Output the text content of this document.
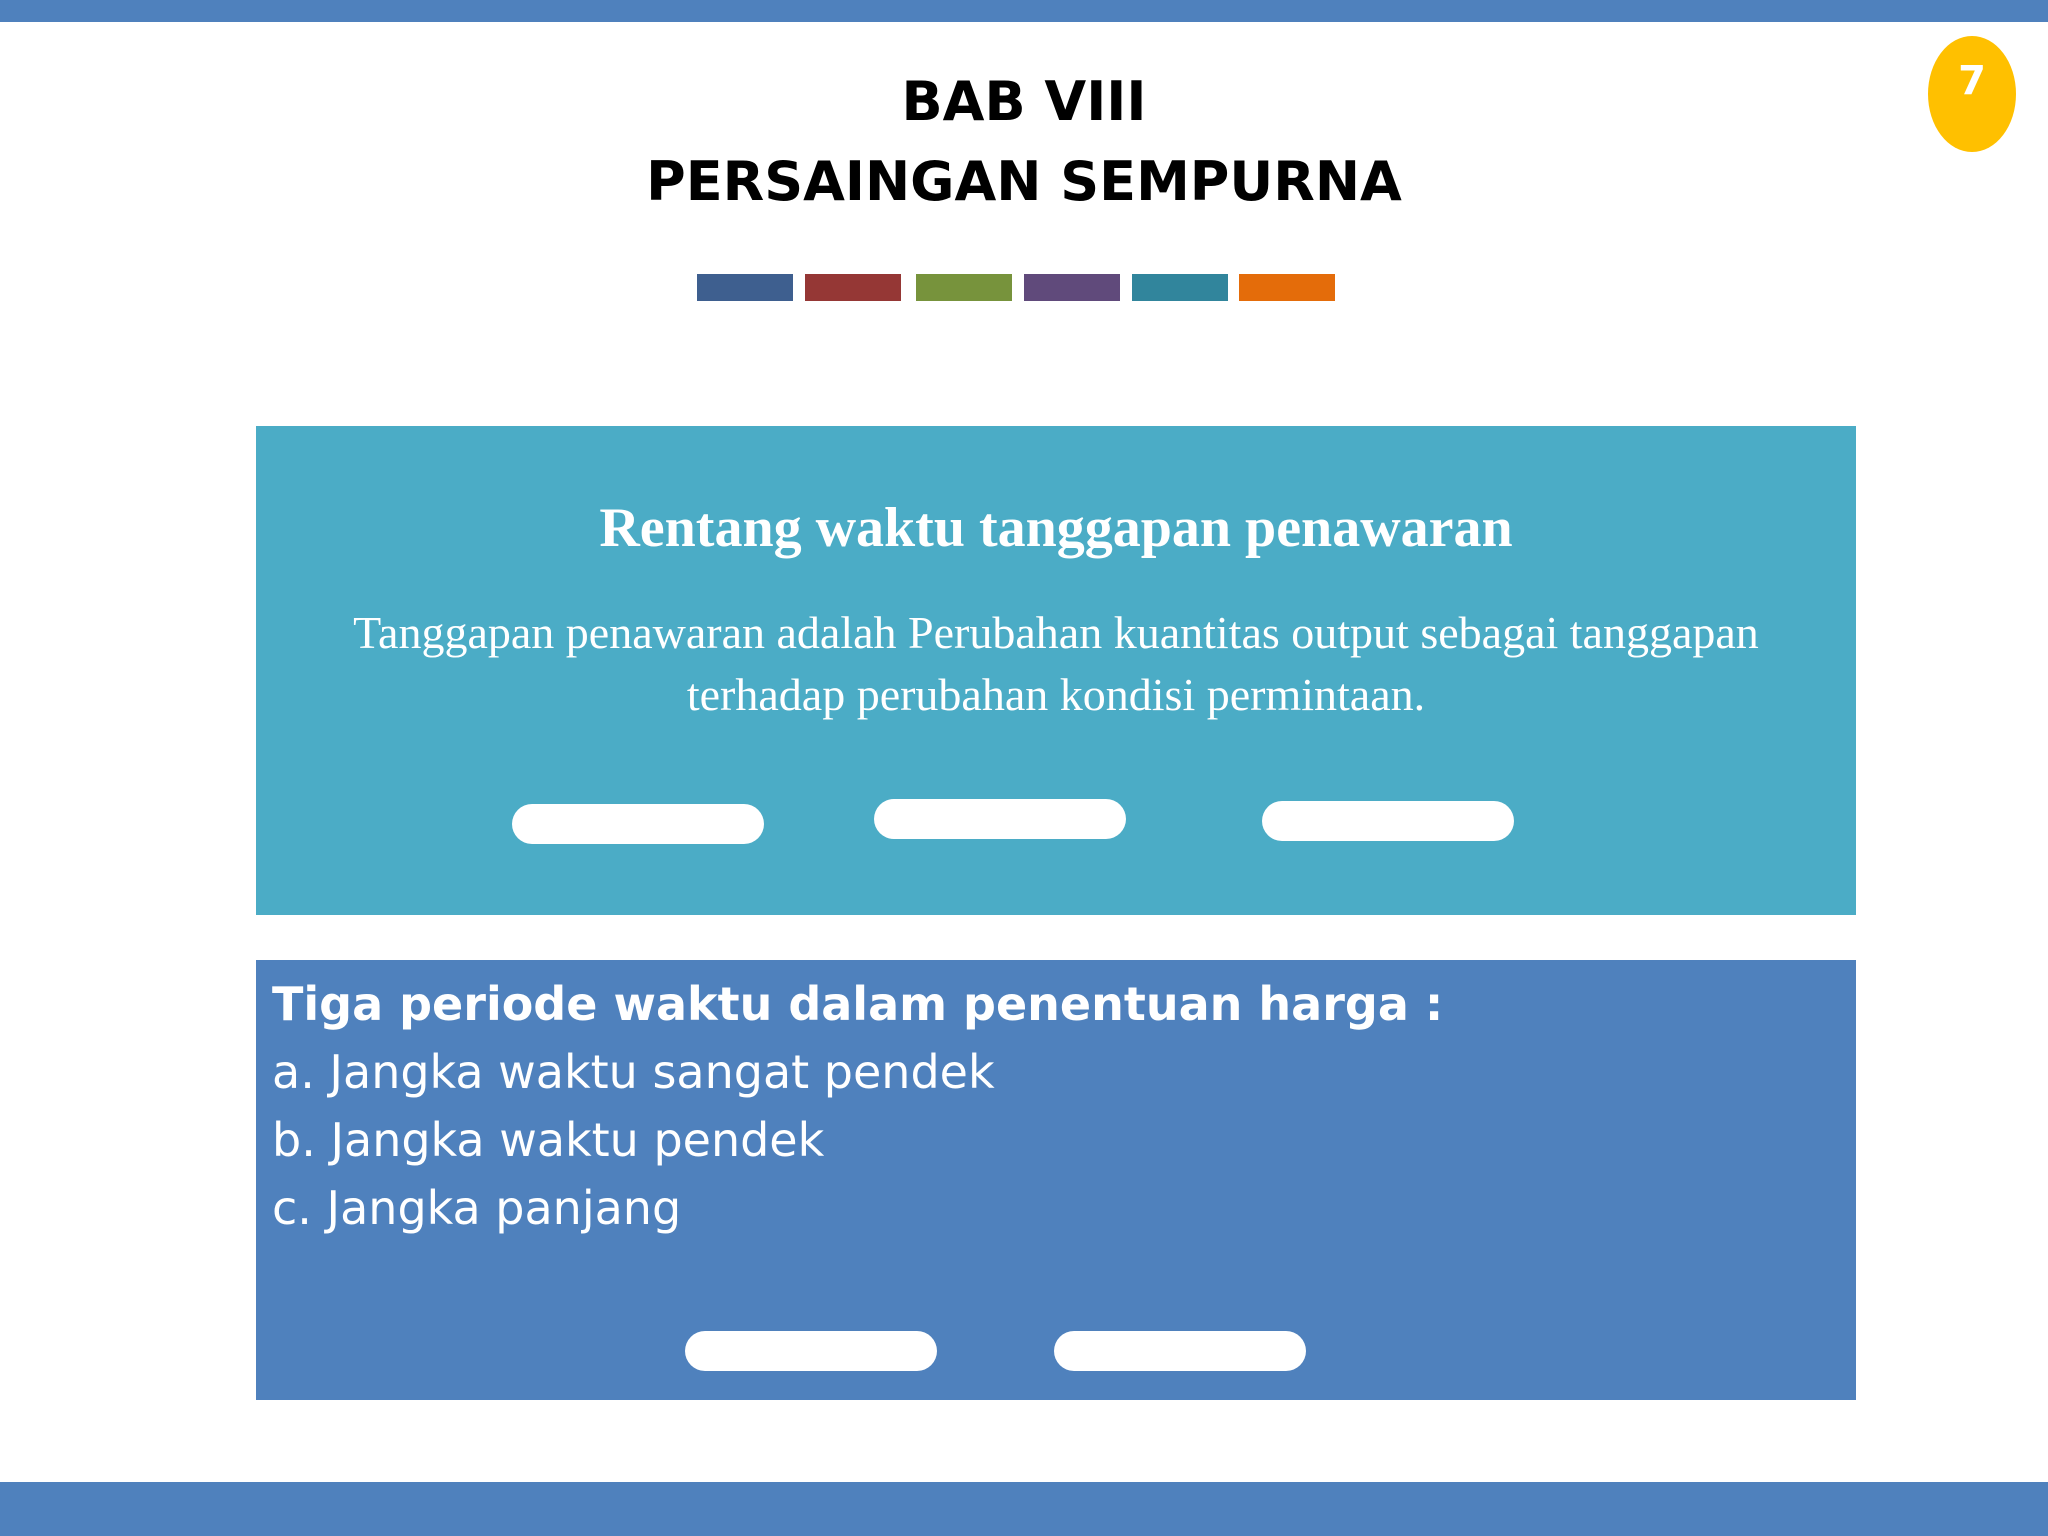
BAB VIII
PERSAINGAN SEMPURNA
7
Rentang waktu tanggapan penawaran
Tanggapan penawaran adalah Perubahan kuantitas output sebagai tanggapan terhadap perubahan kondisi permintaan.
Tiga periode waktu dalam penentuan harga :
a. Jangka waktu sangat pendek
b. Jangka waktu pendek
c. Jangka panjang
